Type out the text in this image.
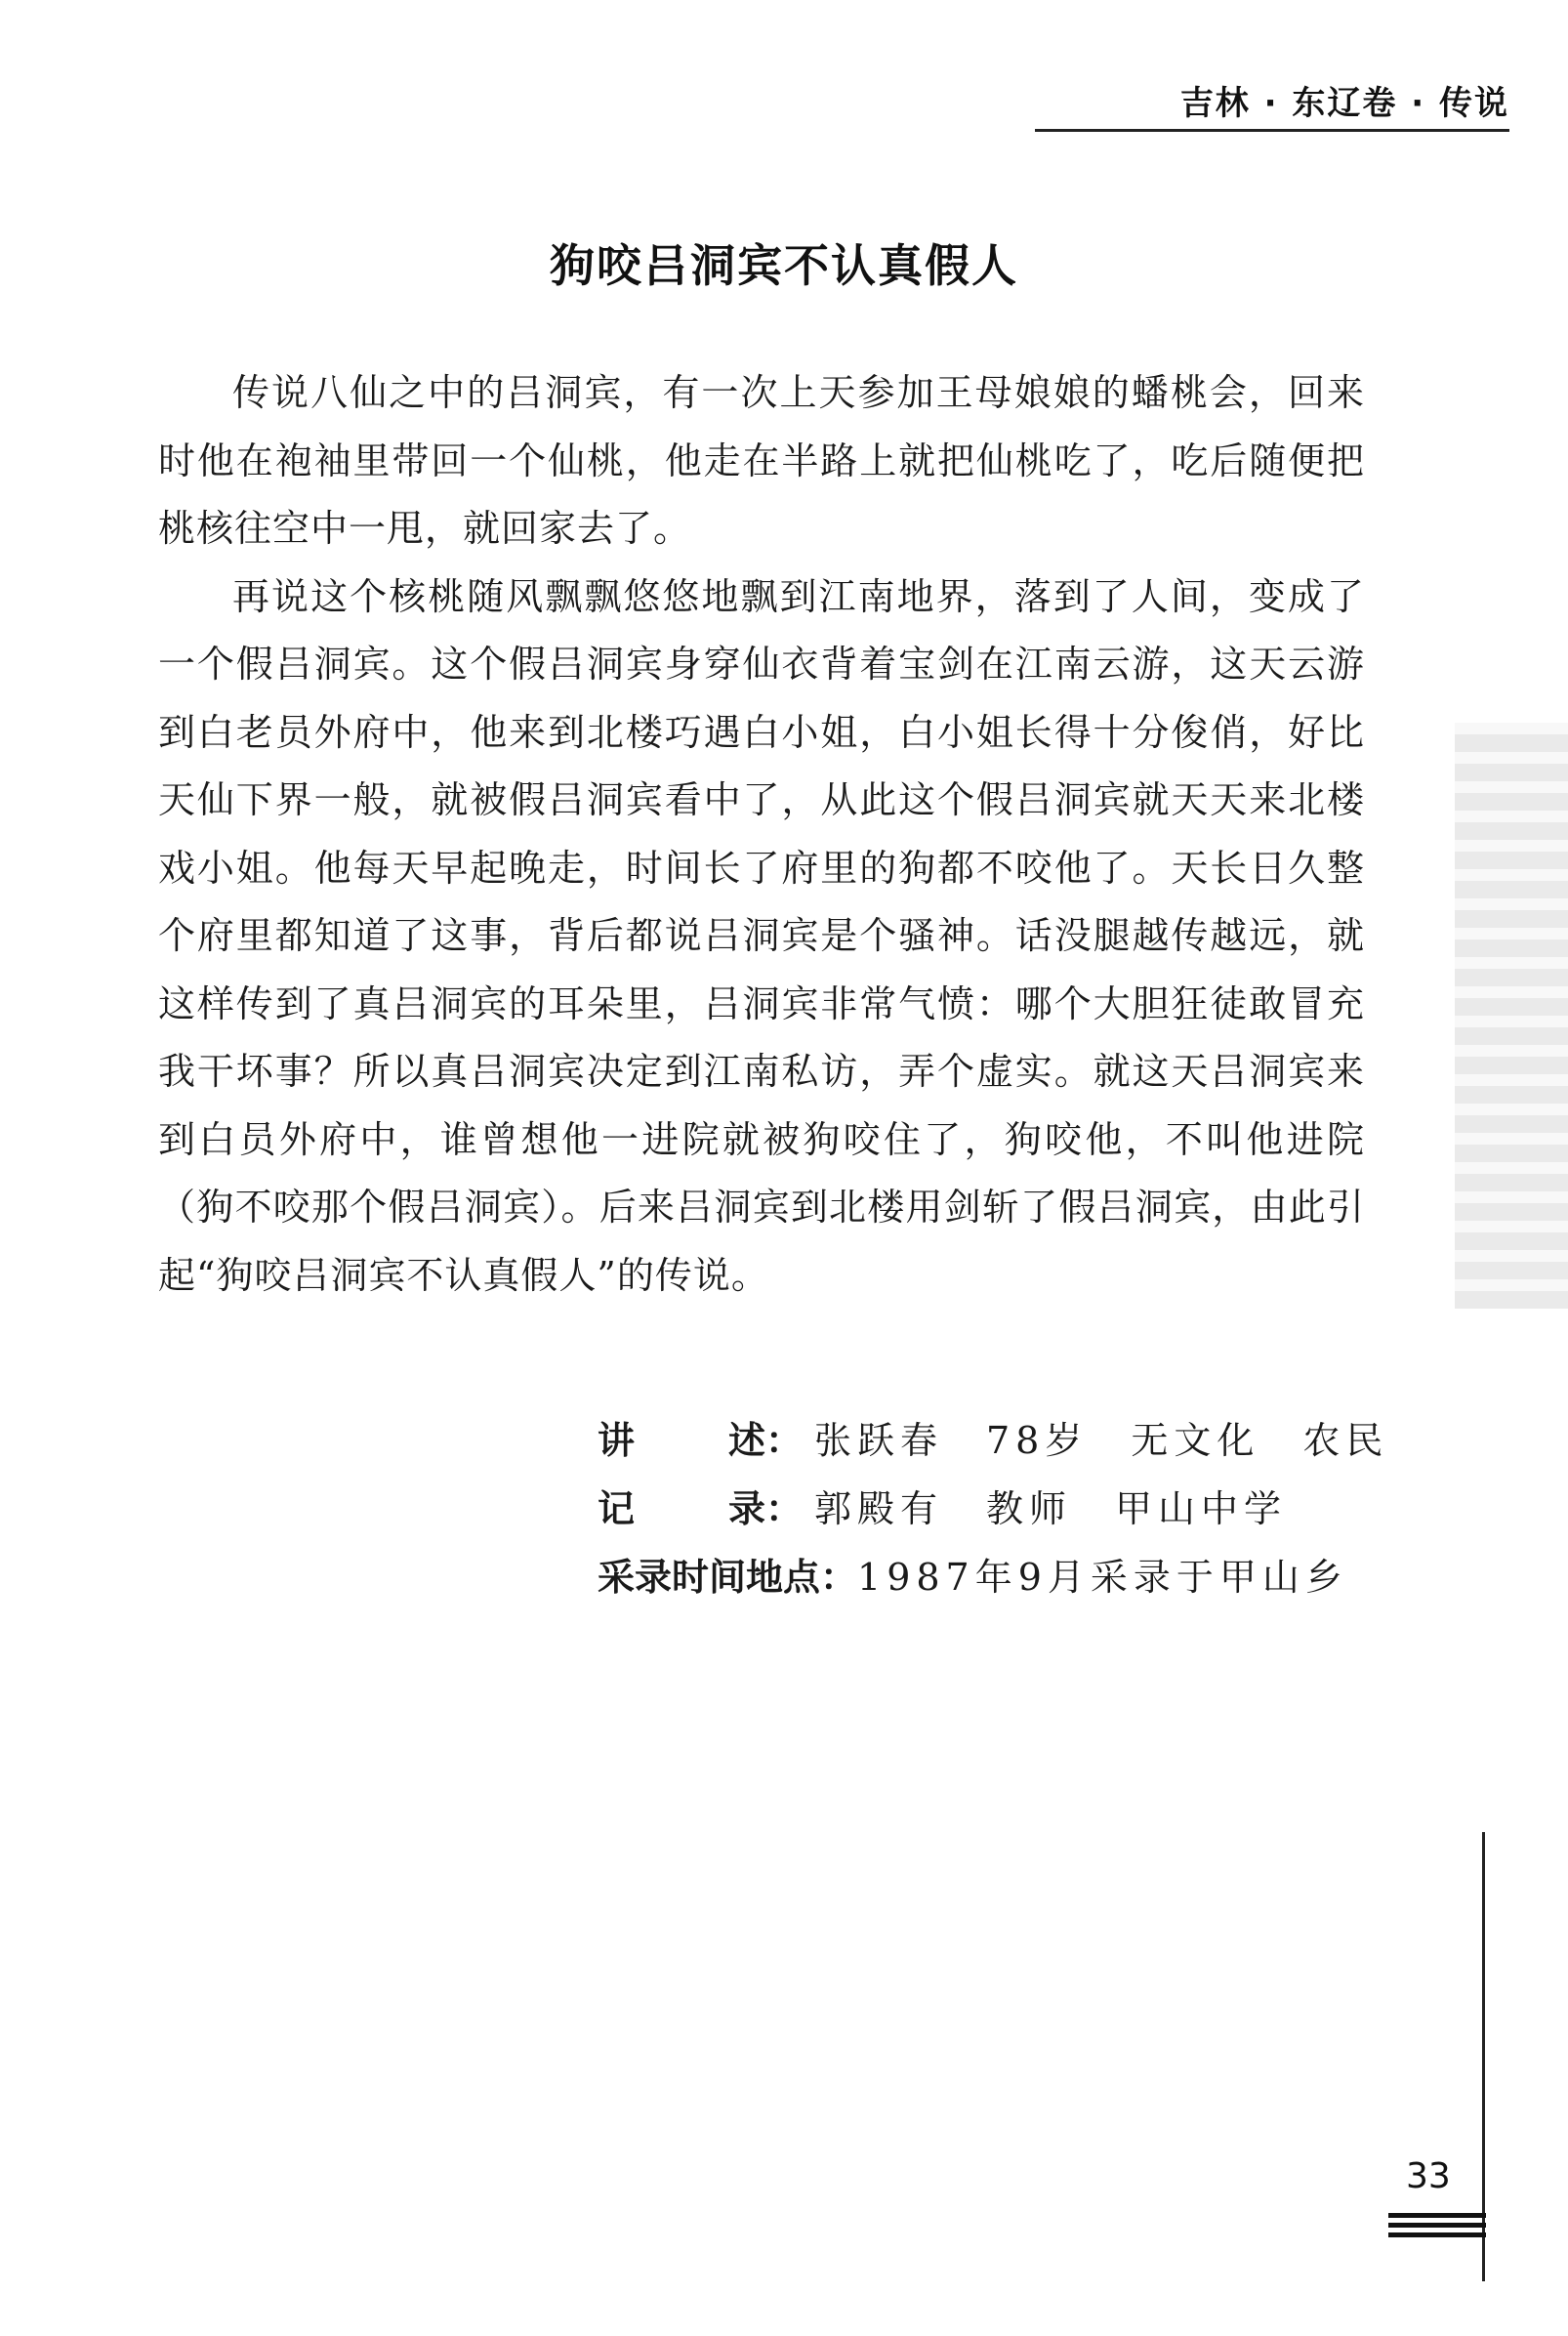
吉林 · 东辽卷 · 传说
狗咬吕洞宾不认真假人

传说八仙之中的吕洞宾，有一次上天参加王母娘娘的蟠桃会，回来时他在袍袖里带回一个仙桃，他走在半路上就把仙桃吃了，吃后随便把桃核往空中一甩，就回家去了。

再说这个核桃随风飘飘悠悠地飘到江南地界，落到了人间，变成了一个假吕洞宾。这个假吕洞宾身穿仙衣背着宝剑在江南云游，这天云游到白老员外府中，他来到北楼巧遇白小姐，白小姐长得十分俊俏，好比天仙下界一般，就被假吕洞宾看中了，从此这个假吕洞宾就天天来北楼戏小姐。他每天早起晚走，时间长了府里的狗都不咬他了。天长日久整个府里都知道了这事，背后都说吕洞宾是个骚神。话没腿越传越远，就这样传到了真吕洞宾的耳朵里，吕洞宾非常气愤：哪个大胆狂徒敢冒充我干坏事？所以真吕洞宾决定到江南私访，弄个虚实。就这天吕洞宾来到白员外府中，谁曾想他一进院就被狗咬住了，狗咬他，不叫他进院（狗不咬那个假吕洞宾）。后来吕洞宾到北楼用剑斩了假吕洞宾，由此引起“狗咬吕洞宾不认真假人”的传说。

讲	述： 张跃春　78岁　无文化　农民
记	录： 郭殿有　教师　甲山中学
采录时间地点： 1987年9月采录于甲山乡
33
